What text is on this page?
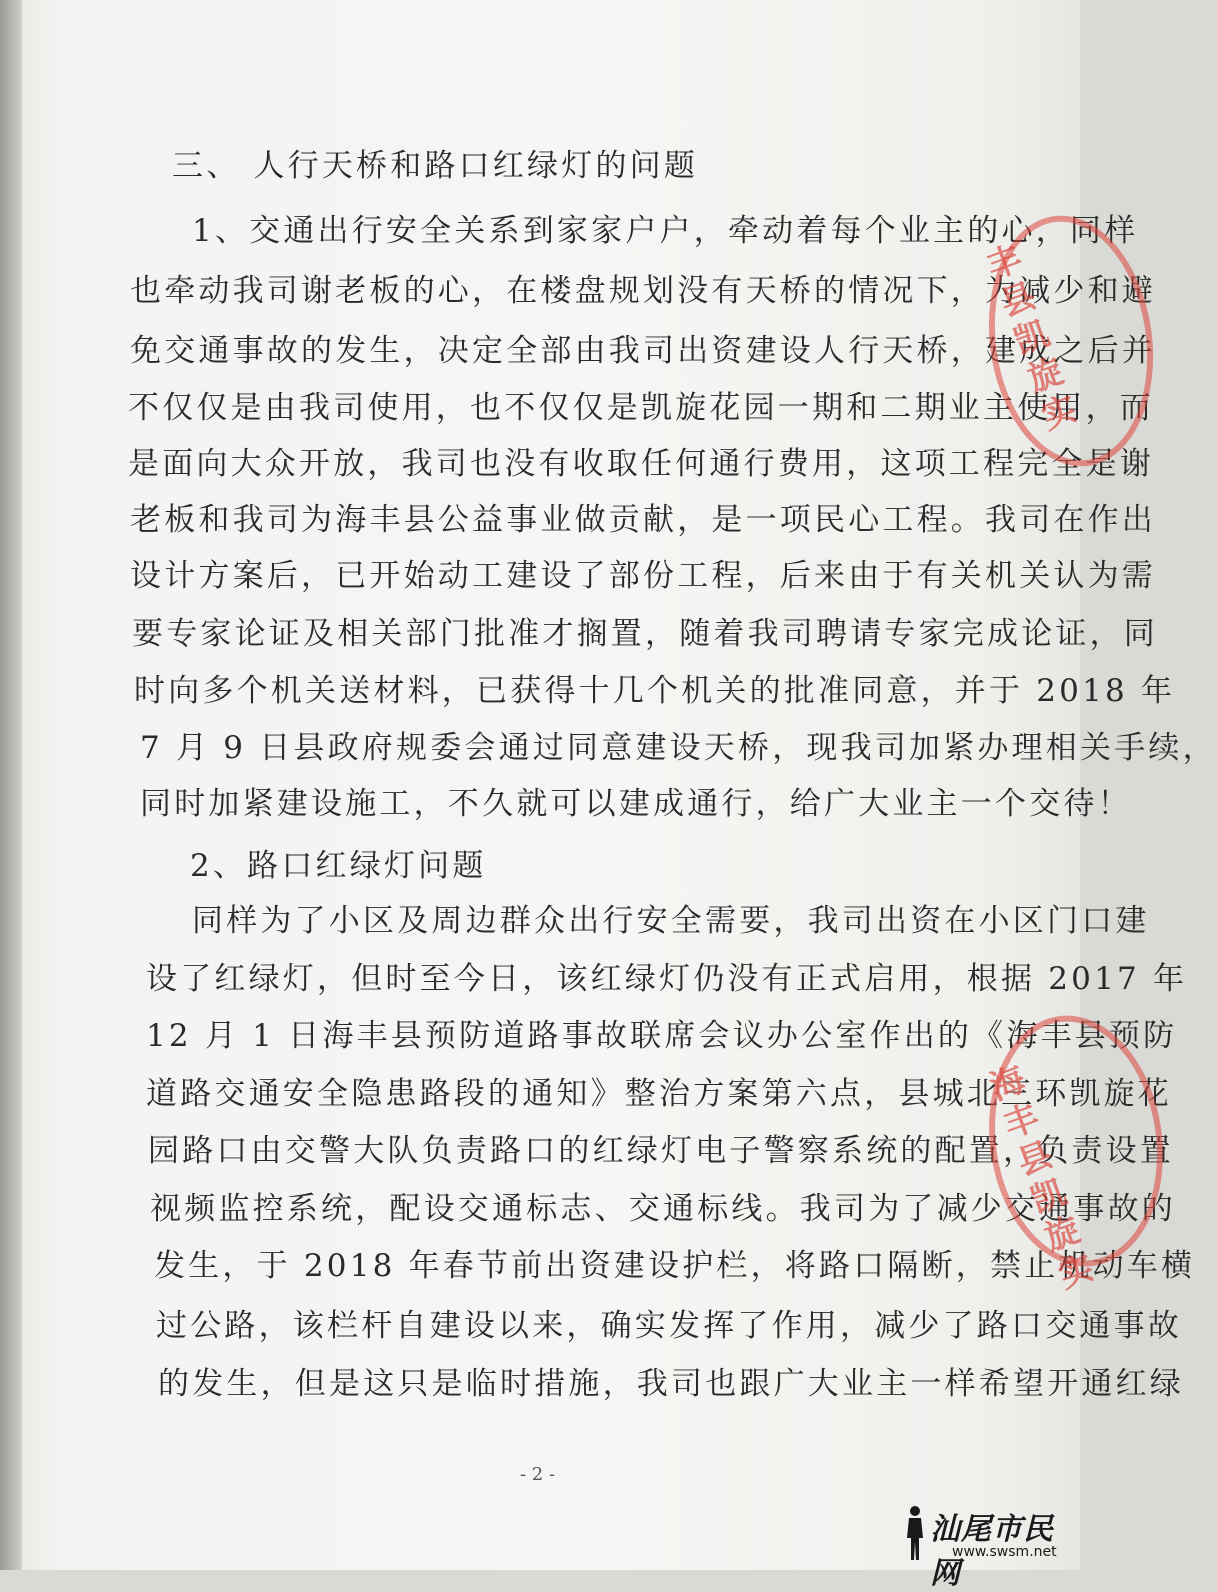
三、 人行天桥和路口红绿灯的问题
1、交通出行安全关系到家家户户，牵动着每个业主的心，同样
也牵动我司谢老板的心，在楼盘规划没有天桥的情况下，为减少和避
免交通事故的发生，决定全部由我司出资建设人行天桥，建成之后并
不仅仅是由我司使用，也不仅仅是凯旋花园一期和二期业主使用，而
是面向大众开放，我司也没有收取任何通行费用，这项工程完全是谢
老板和我司为海丰县公益事业做贡献，是一项民心工程。我司在作出
设计方案后，已开始动工建设了部份工程，后来由于有关机关认为需
要专家论证及相关部门批准才搁置，随着我司聘请专家完成论证，同
时向多个机关送材料，已获得十几个机关的批准同意，并于 2018 年
7 月 9 日县政府规委会通过同意建设天桥，现我司加紧办理相关手续，
同时加紧建设施工，不久就可以建成通行，给广大业主一个交待！
2、路口红绿灯问题
同样为了小区及周边群众出行安全需要，我司出资在小区门口建
设了红绿灯，但时至今日，该红绿灯仍没有正式启用，根据 2017 年
12 月 1 日海丰县预防道路事故联席会议办公室作出的《海丰县预防
道路交通安全隐患路段的通知》整治方案第六点，县城北三环凯旋花
园路口由交警大队负责路口的红绿灯电子警察系统的配置，负责设置
视频监控系统，配设交通标志、交通标线。我司为了减少交通事故的
发生，于 2018 年春节前出资建设护栏，将路口隔断，禁止机动车横
过公路，该栏杆自建设以来，确实发挥了作用，减少了路口交通事故
的发生，但是这只是临时措施，我司也跟广大业主一样希望开通红绿
- 2 -
丰县凯旋实
海丰县凯旋实
汕尾市民网
www.swsm.net
